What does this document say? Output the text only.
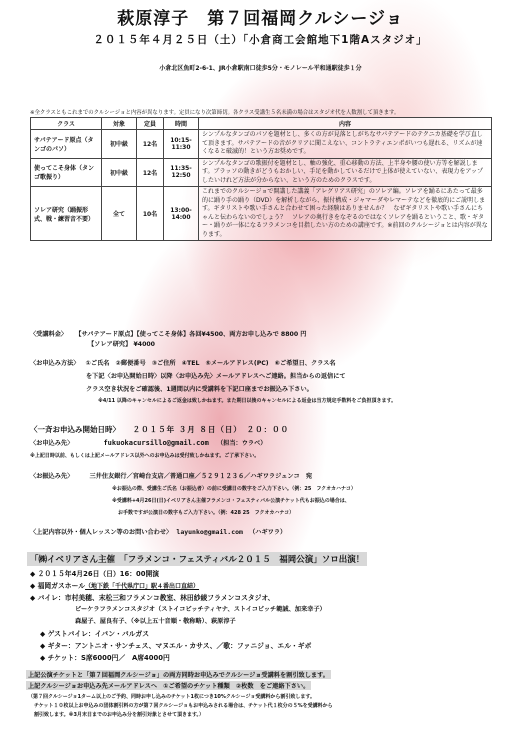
萩原淳子　第７回福岡クルシージョ
２０１５年４月２５日（土）「小倉商工会館地下1階Aスタジオ」
小倉北区魚町2-6-1、JR小倉駅南口徒歩5分・モノレール平和通駅徒歩１分
※全クラスともこれまでのクルシージョと内容が異なります。定員になり次第締切。各クラス受講生５名未満の場合はスタジオ代を人数割して頂きます。
クラス	対象	定員	時間	内容
サパテアード原点（タンゴのパソ）	初中級	12名	10:15-11:30	シンプルなタンゴのパソを題材とし、多くの方が見落としがちなサパテアードのテクニカ基礎を学び直して頂きます。サパテアードの音がクリアに聞こえない、コントラティエンポがいつも遅れる、リズムが速くなると破滅的！という方お奨めです。
使ってこそ身体（タンゴ歌振り）	初中級	12名	11:35-12:50	シンプルなタンゴの歌振付を題材とし、軸の強化、重心移動の方法、上半身や腰の使い方等を解説します。ブラッソの動きがどうもおかしい、手足を動かしているだけで上体が使えていない、表現力をアップしたいけれど方法が分からない、という方のためのクラスです。
ソレア研究（踊振形式、戦・練習音不要）	全て	10名	13:00-14:00	これまでのクルシージョで開講した講義「アレグリアス研究」のソレア編。ソレアを踊るにあたって最多的に踊り手の踊り（DVD）を解析しながら、振付構成・ジャマーダやレマーテなどを徹底的にご説明します。ギタリストや歌い手さんと合わせて困った経験はありませんか？　なぜギタリストや歌い手さんにちゃんと伝わらないのでしょう？　ソレアの奥行きをなぞるのではなくソレアを踊るということ、歌・ギター・踊りが一体になるフラメンコを目指したい方のための講座です。※前回のクルシージョとは内容が異なります。
〈受講料金〉 【サパテアード原点】【使ってこそ身体】各回¥4500、両方お申し込みで 8800 円
【ソレア研究】 ¥4000
〈お申込み方法〉 ①ご氏名　②郵便番号　③ご住所　④TEL　⑤メールアドレス(PC)　⑥ご希望日、クラス名
を下記〈お申込開始日時〉以降〈お申込み先〉メールアドレスへご連絡。担当からの返信にて
クラス空き状況をご確認後、1週間以内に受講料を下記口座までお振込み下さい。
※4/11 以降のキャンセルによるご返金は致しかねます。また期日以後のキャンセルによる返金は当方規定手数料をご負担頂きます。
〈一斉お申込み開始日時〉 ２０１５年 ３月 ８日（日）　２０：００
〈お申込み先〉	fukuokacursillo@gmail.com （担当：ウラベ）
※上記日時以前、もしくは上記メールアドレス以外へのお申込みは受付致しかねます。ご了承下さい。
〈お振込み先〉	三井住友銀行／宮崎台支店／普通口座／５２９１２３６／ハギワラジュンコ　宛
※お振込の際、受講生ご氏名（お振込者）の前に受講日の数字をご入力下さい。（例：25　フクオカハナコ）
※受講料+4月26日(日)イベリアさん主催フラメンコ・フェスティバル公演チケット代もお振込の場合は、
お手数ですが公演日の数字もご入力下さい。（例：428 25　フクオカハナコ）
〈上記内容以外・個人レッスン等のお問い合わせ〉 layunko@gmail.com （ハギワラ）
「㈱イベリアさん主催　「フラメンコ・フェスティバル２０１５　福岡公演」ソロ出演！
◆ ２０１５年4月26日（日）16：00開演
◆ 福岡ガスホール（地下鉄「千代県庁口」駅４番出口直結）
◆ バイレ：市村美穂、末松三和フラメンコ教室、林田紗綾フラメンコスタジオ、
ピーケラフラメンコスタジオ（ストイコピッチティヤナ、ストイコビッチ範誠、加来幸子）
森屋子、屋良有子、（※以上五十音順・敬称略）、萩原淳子
◆ ゲストバイレ：イバン・バルガス
◆ ギター：アントニオ・サンチェス、マヌエル・カサス、／歌：ファニジョ、エル・ギボ
◆ チケット：S席6000円／　A席4000円
上記公演チケットと「第７回福岡クルシージョ」の両方同時お申込みでクルシージョ受講料を割引致します。
上記クルシージョお申込み先メールアドレスへ　①ご希望のチケット種類　②枚数　をご連絡下さい。
（第７回クルシージョ1ターム以上のご予約、同時お申し込みのチケット1枚につき10%クルシージョ受講料から割引致します。
チケット１０枚以上お申込みの団体割引料の方が第７回クルシージョもお申込みされる場合は、チケット代１枚分の５%を受講料から
割引致します。※3月末日までのお申込み分を割引対象とさせて頂きます。）
